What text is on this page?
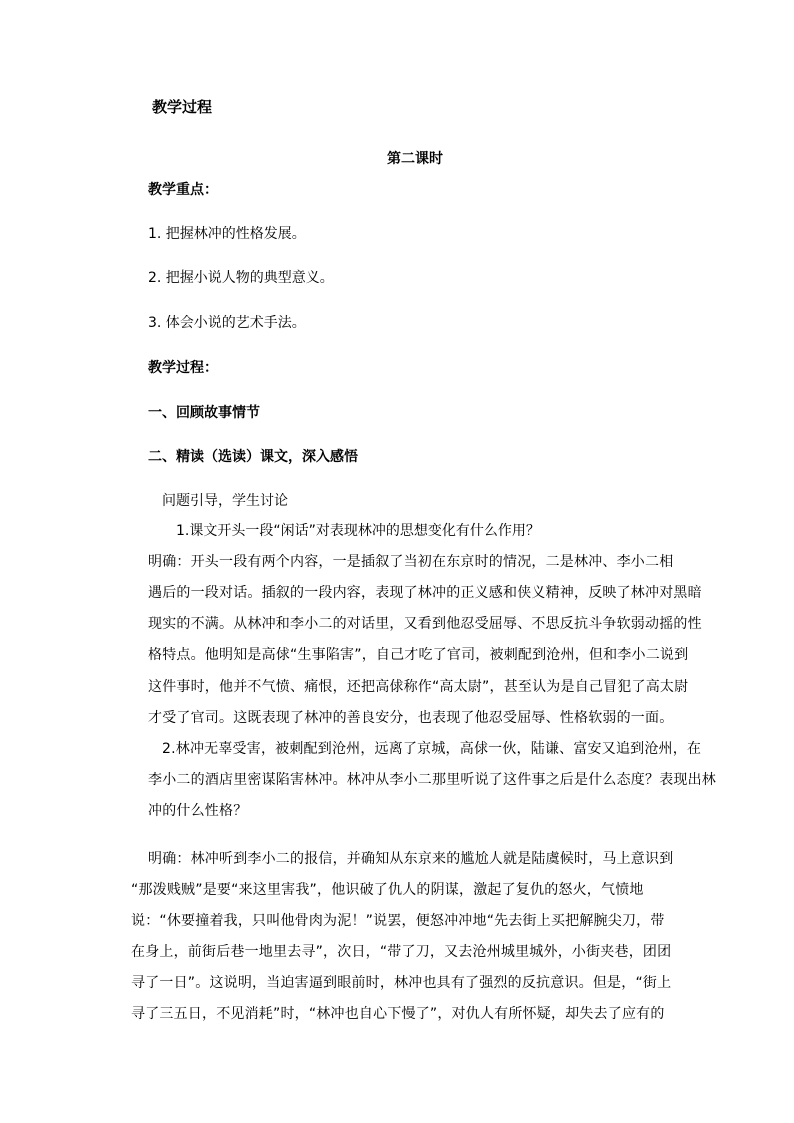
教学过程
第二课时
教学重点：
1. 把握林冲的性格发展。
2. 把握小说人物的典型意义。
3. 体会小说的艺术手法。
教学过程：
一、回顾故事情节
二、精读（选读）课文，深入感悟
问题引导，学生讨论
1.课文开头一段“闲话”对表现林冲的思想变化有什么作用？
明确：开头一段有两个内容，一是插叙了当初在东京时的情况，二是林冲、李小二相
遇后的一段对话。插叙的一段内容，表现了林冲的正义感和侠义精神，反映了林冲对黑暗
现实的不满。从林冲和李小二的对话里，又看到他忍受屈辱、不思反抗斗争软弱动摇的性
格特点。他明知是高俅“生事陷害”，自己才吃了官司，被刺配到沧州，但和李小二说到
这件事时，他并不气愤、痛恨，还把高俅称作“高太尉”，甚至认为是自己冒犯了高太尉
才受了官司。这既表现了林冲的善良安分，也表现了他忍受屈辱、性格软弱的一面。
2.林冲无辜受害，被刺配到沧州，远离了京城，高俅一伙，陆谦、富安又追到沧州，在
李小二的酒店里密谋陷害林冲。林冲从李小二那里听说了这件事之后是什么态度？表现出林
冲的什么性格？
明确：林冲听到李小二的报信，并确知从东京来的尴尬人就是陆虞候时，马上意识到
“那泼贱贼”是要“来这里害我”，他识破了仇人的阴谋，激起了复仇的怒火，气愤地
说：“休要撞着我，只叫他骨肉为泥！”说罢，便怒冲冲地“先去街上买把解腕尖刀，带
在身上，前街后巷一地里去寻”，次日，“带了刀，又去沧州城里城外，小街夹巷，团团
寻了一日”。这说明，当迫害逼到眼前时，林冲也具有了强烈的反抗意识。但是，“街上
寻了三五日，不见消耗”时，“林冲也自心下慢了”，对仇人有所怀疑，却失去了应有的
